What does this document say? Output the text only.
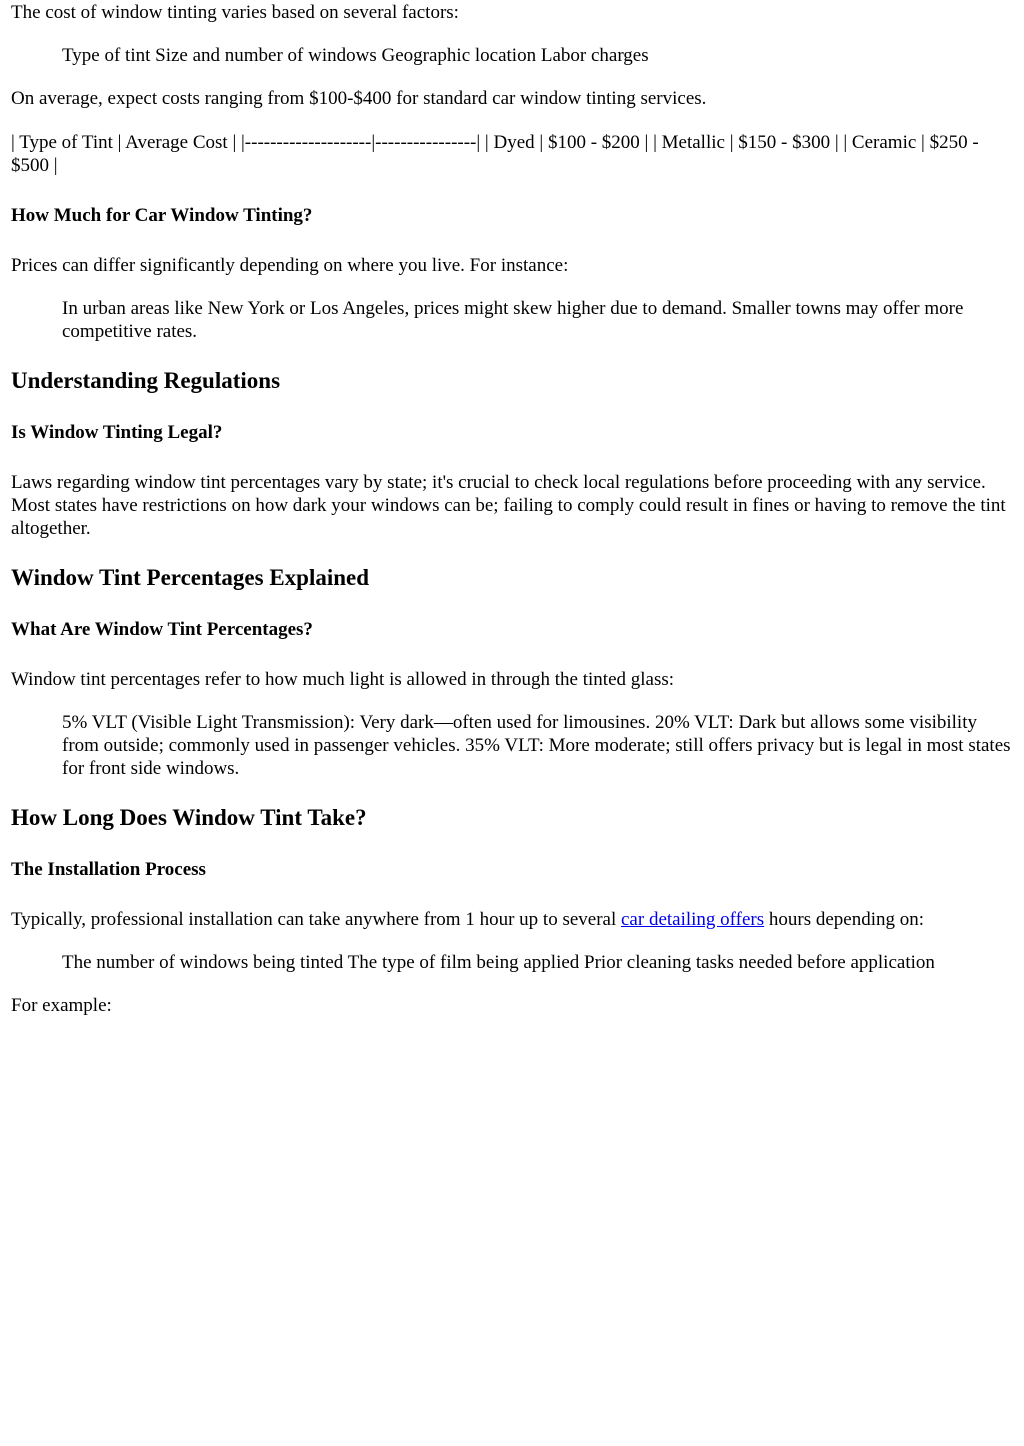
The cost of window tinting varies based on several factors:

Type of tint Size and number of windows Geographic location Labor charges

On average, expect costs ranging from $100-$400 for standard car window tinting services.

| Type of Tint | Average Cost | |--------------------|----------------| | Dyed | $100 - $200 | | Metallic | $150 - $300 | | Ceramic | $250 - $500 |

How Much for Car Window Tinting?

Prices can differ significantly depending on where you live. For instance:

In urban areas like New York or Los Angeles, prices might skew higher due to demand. Smaller towns may offer more competitive rates.

Understanding Regulations
Is Window Tinting Legal?

Laws regarding window tint percentages vary by state; it's crucial to check local regulations before proceeding with any service. Most states have restrictions on how dark your windows can be; failing to comply could result in fines or having to remove the tint altogether.

Window Tint Percentages Explained
What Are Window Tint Percentages?

Window tint percentages refer to how much light is allowed in through the tinted glass:

5% VLT (Visible Light Transmission): Very dark—often used for limousines. 20% VLT: Dark but allows some visibility from outside; commonly used in passenger vehicles. 35% VLT: More moderate; still offers privacy but is legal in most states for front side windows.

How Long Does Window Tint Take?
The Installation Process

Typically, professional installation can take anywhere from 1 hour up to several car detailing offers hours depending on:

The number of windows being tinted The type of film being applied Prior cleaning tasks needed before application

For example:
